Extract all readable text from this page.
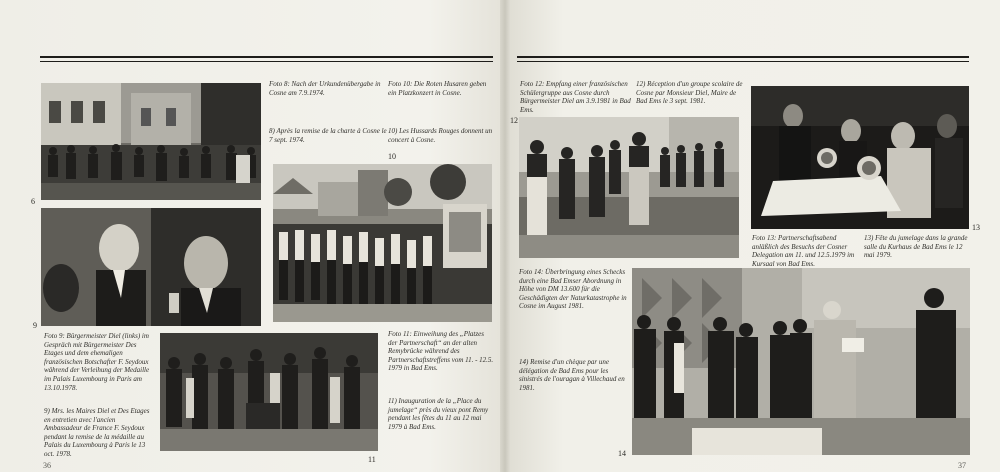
6
9
Foto 8: Nach der Urkundenübergabe in Cosne am 7.9.1974.
8) Après la remise de la charte à Cosne le 7 sept. 1974.
Foto 10: Die Roten Husaren geben ein Platzkonzert in Cosne.
10) Les Hussards Rouges donnent un concert à Cosne.
10
Foto 9: Bürgermeister Diel (links) im Gespräch mit Bürgermeister Des Etages und dem ehemaligen französischen Botschafter F. Seydoux während der Verleihung der Medaille im Palais Luxembourg in Paris am 13.10.1978.
9) Mrs. les Maires Diel et Des Etages en entretien avec l'ancien Ambassadeur de France F. Seydoux pendant la remise de la médaille au Palais du Luxembourg à Paris le 13 oct. 1978.
11
Foto 11: Einweihung des „Platzes der Partnerschaft“ an der alten Remybrücke während des Partnerschaftstreffens vom 11. - 12.5. 1979 in Bad Ems.
11) Inauguration de la „Place du jumelage“ près du vieux pont Remy pendant les fêtes du 11 au 12 mai 1979 à Bad Ems.
36
Foto 12: Empfang einer französischen Schülergruppe aus Cosne durch Bürgermeister Diel am 3.9.1981 in Bad Ems.
12) Réception d'un groupe scolaire de Cosne par Monsieur Diel, Maire de Bad Ems le 3 sept. 1981.
12
13
Foto 13: Partnerschaftsabend anläßlich des Besuchs der Cosner Delegation am 11. und 12.5.1979 im Kursaal von Bad Ems.
13) Fête du jumelage dans la grande salle du Kurhaus de Bad Ems le 12 mai 1979.
Foto 14: Überbringung eines Schecks durch eine Bad Emser Abordnung in Höhe von DM 13.600 für die Geschädigten der Naturkatastrophe in Cosne im August 1981.
14) Remise d'un chèque par une délégation de Bad Ems pour les sinistrés de l'ouragan à Villechaud en 1981.
14
37
